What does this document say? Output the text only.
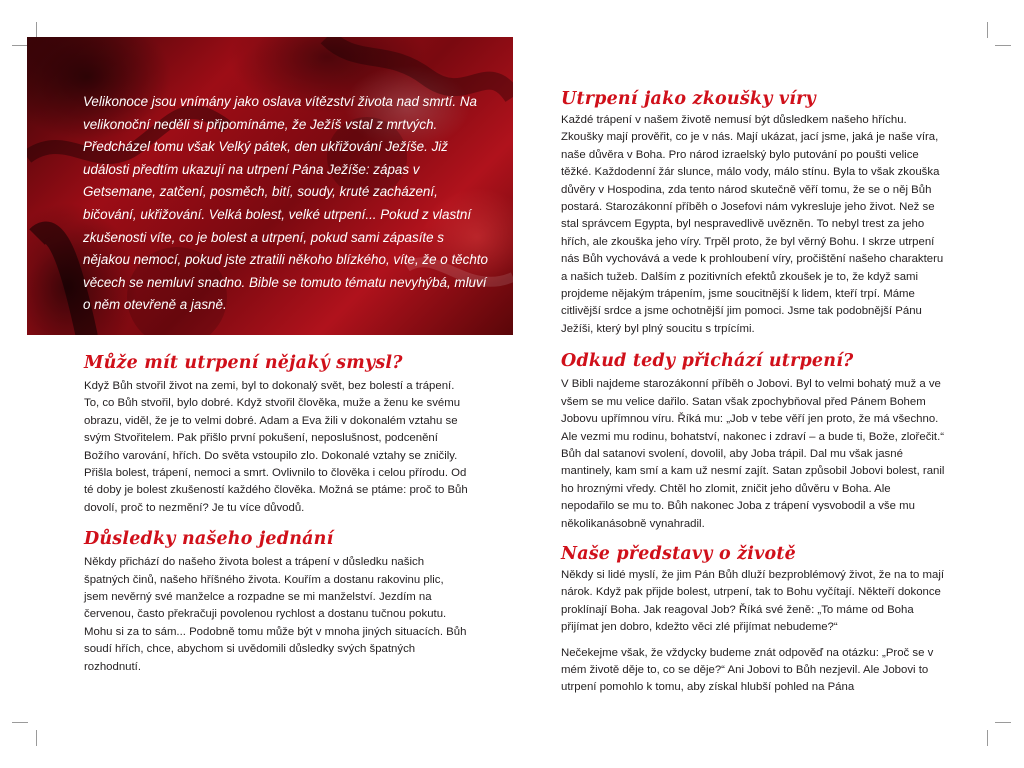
Velikonoce jsou vnímány jako oslava vítězství života nad smrtí. Na velikonoční neděli si připomínáme, že Ježíš vstal z mrtvých. Předcházel tomu však Velký pátek, den ukřižování Ježíše. Již události předtím ukazují na utrpení Pána Ježíše: zápas v Getsemane, zatčení, posměch, bití, soudy, kruté zacházení, bičování, ukřižování. Velká bolest, velké utrpení... Pokud z vlastní zkušenosti víte, co je bolest a utrpení, pokud sami zápasíte s nějakou nemocí, pokud jste ztratili někoho blízkého, víte, že o těchto věcech se nemluví snadno. Bible se tomuto tématu nevyhýbá, mluví o něm otevřeně a jasně.

Může mít utrpení nějaký smysl?

Když Bůh stvořil život na zemi, byl to dokonalý svět, bez bolestí a trápení. To, co Bůh stvořil, bylo dobré. Když stvořil člověka, muže a ženu ke svému obrazu, viděl, že je to velmi dobré. Adam a Eva žili v dokonalém vztahu se svým Stvořitelem. Pak přišlo první pokušení, neposlušnost, podcenění Božího varování, hřích. Do světa vstoupilo zlo. Dokonalé vztahy se zničily. Přišla bolest, trápení, nemoci a smrt. Ovlivnilo to člověka i celou přírodu. Od té doby je bolest zkušeností každého člověka. Možná se ptáme: proč to Bůh dovolí, proč to nezmění? Je tu více důvodů.

Důsledky našeho jednání

Někdy přichází do našeho života bolest a trápení v důsledku našich špatných činů, našeho hříšného života. Kouřím a dostanu rakovinu plic, jsem nevěrný své manželce a rozpadne se mi manželství. Jezdím na červenou, často překračuji povolenou rychlost a dostanu tučnou pokutu. Mohu si za to sám... Podobně tomu může být v mnoha jiných situacích. Bůh soudí hřích, chce, abychom si uvědomili důsledky svých špatných rozhodnutí.

Utrpení jako zkoušky víry

Každé trápení v našem životě nemusí být důsledkem našeho hříchu. Zkoušky mají prověřit, co je v nás. Mají ukázat, jací jsme, jaká je naše víra, naše důvěra v Boha. Pro národ izraelský bylo putování po poušti velice těžké. Každodenní žár slunce, málo vody, málo stínu. Byla to však zkouška důvěry v Hospodina, zda tento národ skutečně věří tomu, že se o něj Bůh postará. Starozákonní příběh o Josefovi nám vykresluje jeho život. Než se stal správcem Egypta, byl nespravedlivě uvězněn. To nebyl trest za jeho hřích, ale zkouška jeho víry. Trpěl proto, že byl věrný Bohu. I skrze utrpení nás Bůh vychovává a vede k prohloubení víry, pročištění našeho charakteru a našich tužeb. Dalším z pozitivních efektů zkoušek je to, že když sami projdeme nějakým trápením, jsme soucitnější k lidem, kteří trpí. Máme citlivější srdce a jsme ochotnější jim pomoci. Jsme tak podobnější Pánu Ježíši, který byl plný soucitu s trpícími.

Odkud tedy přichází utrpení?

V Bibli najdeme starozákonní příběh o Jobovi. Byl to velmi bohatý muž a ve všem se mu velice dařilo. Satan však zpochybňoval před Pánem Bohem Jobovu upřímnou víru. Říká mu: „Job v tebe věří jen proto, že má všechno. Ale vezmi mu rodinu, bohatství, nakonec i zdraví – a bude ti, Bože, zlořečit.“ Bůh dal satanovi svolení, dovolil, aby Joba trápil. Dal mu však jasné mantinely, kam smí a kam už nesmí zajít. Satan způsobil Jobovi bolest, ranil ho hroznými vředy. Chtěl ho zlomit, zničit jeho důvěru v Boha. Ale nepodařilo se mu to. Bůh nakonec Joba z trápení vysvobodil a vše mu několikanásobně vynahradil.

Naše představy o životě

Někdy si lidé myslí, že jim Pán Bůh dluží bezproblémový život, že na to mají nárok. Když pak přijde bolest, utrpení, tak to Bohu vyčítají. Někteří dokonce proklínají Boha. Jak reagoval Job? Říká své ženě: „To máme od Boha přijímat jen dobro, kdežto věci zlé přijímat nebudeme?“

Nečekejme však, že vždycky budeme znát odpověď na otázku: „Proč se v mém životě děje to, co se děje?“ Ani Jobovi to Bůh nezjevil. Ale Jobovi to utrpení pomohlo k tomu, aby získal hlubší pohled na Pána
